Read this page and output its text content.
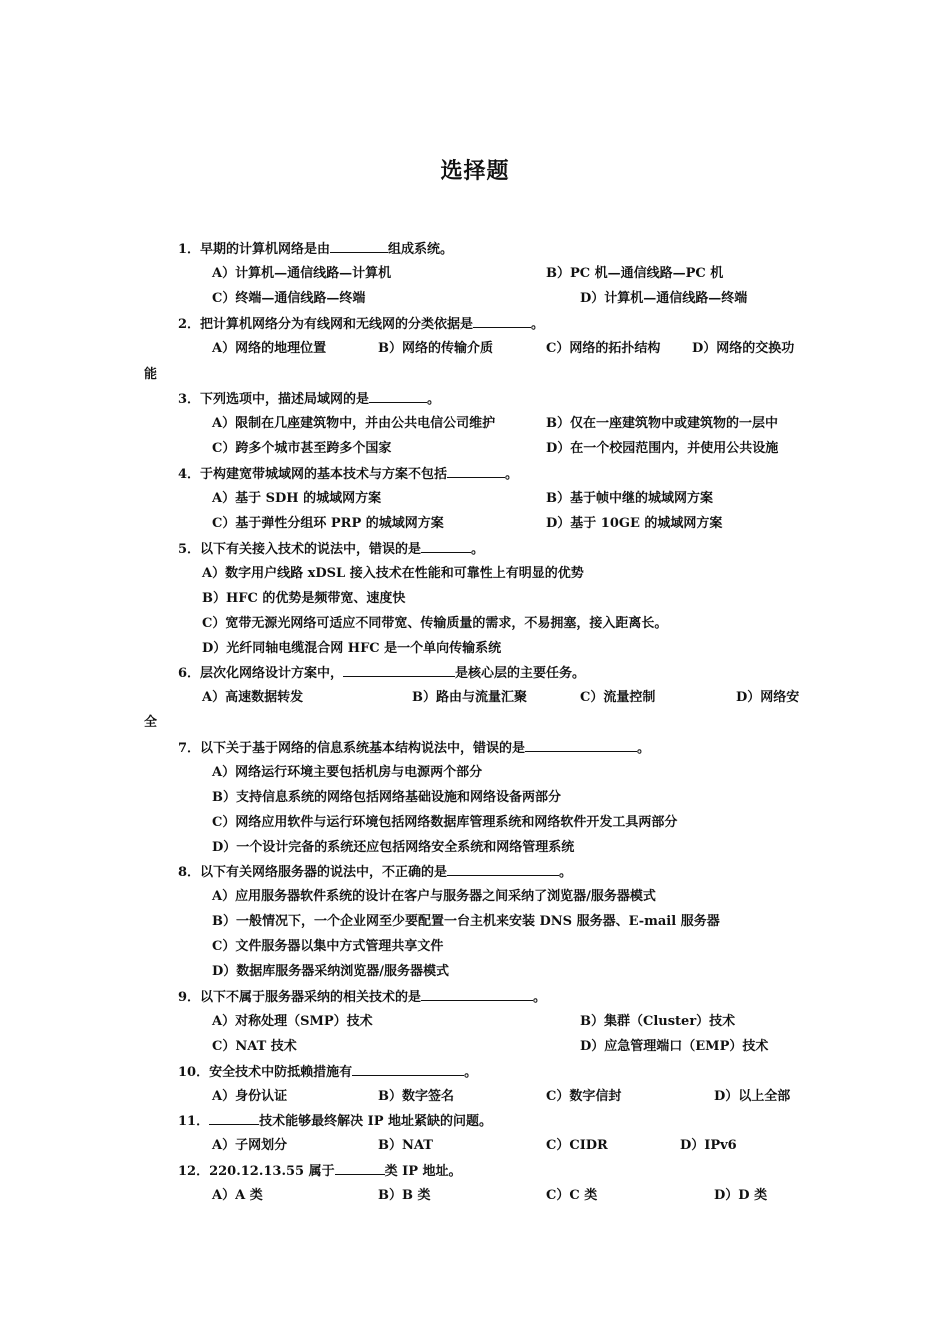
选择题
1．早期的计算机网络是由	组成系统。
A）计算机—通信线路—计算机	B）PC 机—通信线路—PC 机
C）终端—通信线路—终端	D）计算机—通信线路—终端
2．把计算机网络分为有线网和无线网的分类依据是	。
A）网络的地理位置	B）网络的传输介质	C）网络的拓扑结构 D）网络的交换功
能
3．下列选项中，描述局域网的是	。
A）限制在几座建筑物中，并由公共电信公司维护	B）仅在一座建筑物中或建筑物的一层中
C）跨多个城市甚至跨多个国家	D）在一个校园范围内，并使用公共设施
4．于构建宽带城域网的基本技术与方案不包括	。
A）基于 SDH 的城域网方案	B）基于帧中继的城域网方案
C）基于弹性分组环 PRP 的城域网方案	D）基于 10GE 的城域网方案
5．以下有关接入技术的说法中，错误的是	。
A）数字用户线路 xDSL 接入技术在性能和可靠性上有明显的优势
B）HFC 的优势是频带宽、速度快
C）宽带无源光网络可适应不同带宽、传输质量的需求，不易拥塞，接入距离长。
D）光纤同轴电缆混合网 HFC 是一个单向传输系统
6．层次化网络设计方案中，	是核心层的主要任务。
A）高速数据转发	B）路由与流量汇聚	C）流量控制	D）网络安
全
7．以下关于基于网络的信息系统基本结构说法中，错误的是	。
A）网络运行环境主要包括机房与电源两个部分
B）支持信息系统的网络包括网络基础设施和网络设备两部分
C）网络应用软件与运行环境包括网络数据库管理系统和网络软件开发工具两部分
D）一个设计完备的系统还应包括网络安全系统和网络管理系统
8．以下有关网络服务器的说法中，不正确的是	。
A）应用服务器软件系统的设计在客户与服务器之间采纳了浏览器/服务器模式
B）一般情况下，一个企业网至少要配置一台主机来安装 DNS 服务器、E-mail 服务器
C）文件服务器以集中方式管理共享文件
D）数据库服务器采纳浏览器/服务器模式
9．以下不属于服务器采纳的相关技术的是	。
A）对称处理（SMP）技术	B）集群（Cluster）技术
C）NAT 技术	D）应急管理端口（EMP）技术
10．安全技术中防抵赖措施有	。
A）身份认证	B）数字签名	C）数字信封	D）以上全部
11．	技术能够最终解决 IP 地址紧缺的问题。
A）子网划分	B）NAT	C）CIDR	D）IPv6
12．220.12.13.55 属于	类 IP 地址。
A）A 类	B）B 类	C）C 类	D）D 类
